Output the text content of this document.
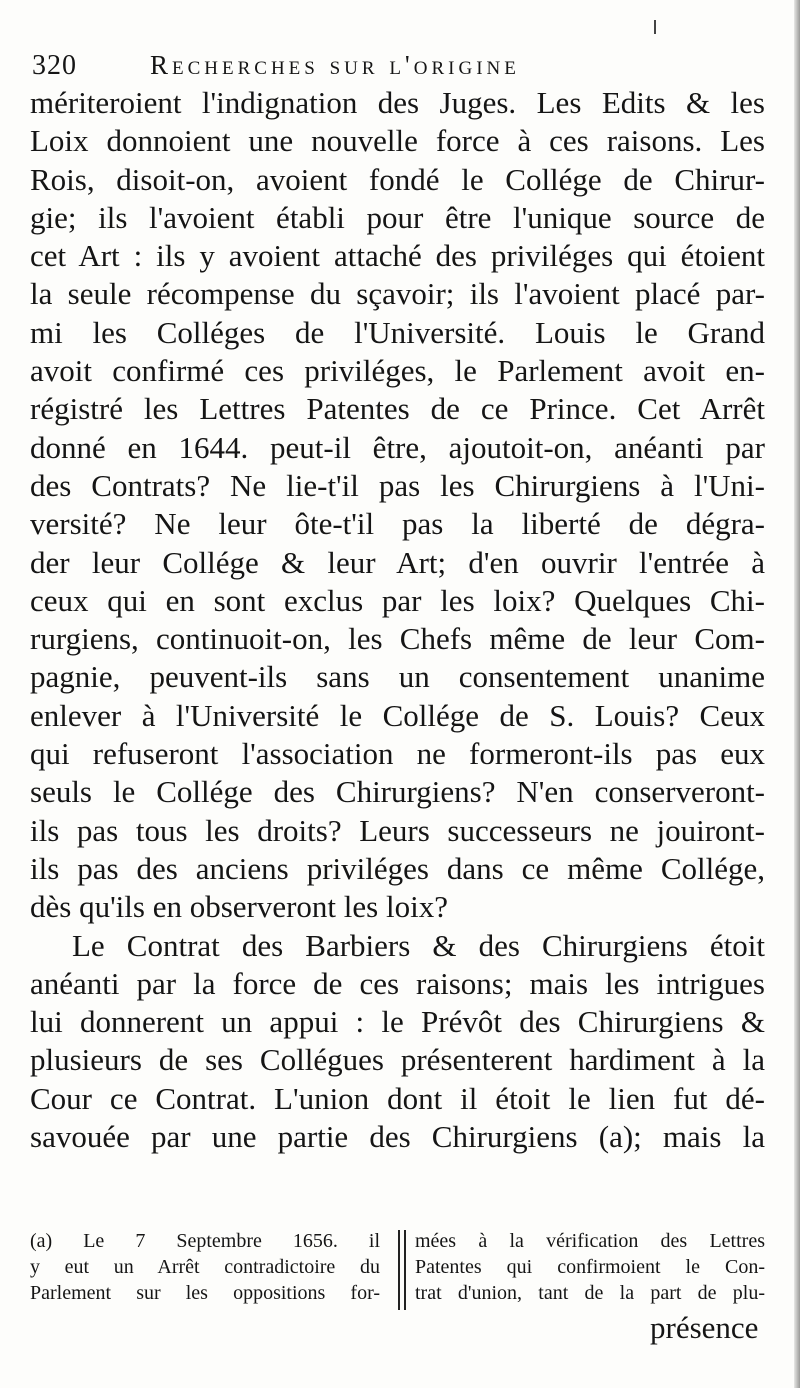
320	Recherches sur l'origine
mériteroient l'indignation des Juges. Les Edits & les
Loix donnoient une nouvelle force à ces raisons. Les
Rois, disoit-on, avoient fondé le Collége de Chirur-
gie; ils l'avoient établi pour être l'unique source de
cet Art : ils y avoient attaché des priviléges qui étoient
la seule récompense du sçavoir; ils l'avoient placé par-
mi les Colléges de l'Université. Louis le Grand
avoit confirmé ces priviléges, le Parlement avoit en-
régistré les Lettres Patentes de ce Prince. Cet Arrêt
donné en 1644. peut-il être, ajoutoit-on, anéanti par
des Contrats? Ne lie-t'il pas les Chirurgiens à l'Uni-
versité? Ne leur ôte-t'il pas la liberté de dégra-
der leur Collége & leur Art; d'en ouvrir l'entrée à
ceux qui en sont exclus par les loix? Quelques Chi-
rurgiens, continuoit-on, les Chefs même de leur Com-
pagnie, peuvent-ils sans un consentement unanime
enlever à l'Université le Collége de S. Louis? Ceux
qui refuseront l'association ne formeront-ils pas eux
seuls le Collége des Chirurgiens? N'en conserveront-
ils pas tous les droits? Leurs successeurs ne jouiront-
ils pas des anciens priviléges dans ce même Collége,
dès qu'ils en observeront les loix?
Le Contrat des Barbiers & des Chirurgiens étoit
anéanti par la force de ces raisons; mais les intrigues
lui donnerent un appui : le Prévôt des Chirurgiens &
plusieurs de ses Collégues présenterent hardiment à la
Cour ce Contrat. L'union dont il étoit le lien fut dé-
savouée par une partie des Chirurgiens (a); mais la
(a) Le 7 Septembre 1656. il
y eut un Arrêt contradictoire du
Parlement sur les oppositions for-
mées à la vérification des Lettres
Patentes qui confirmoient le Con-
trat d'union, tant de la part de plu-
présence
